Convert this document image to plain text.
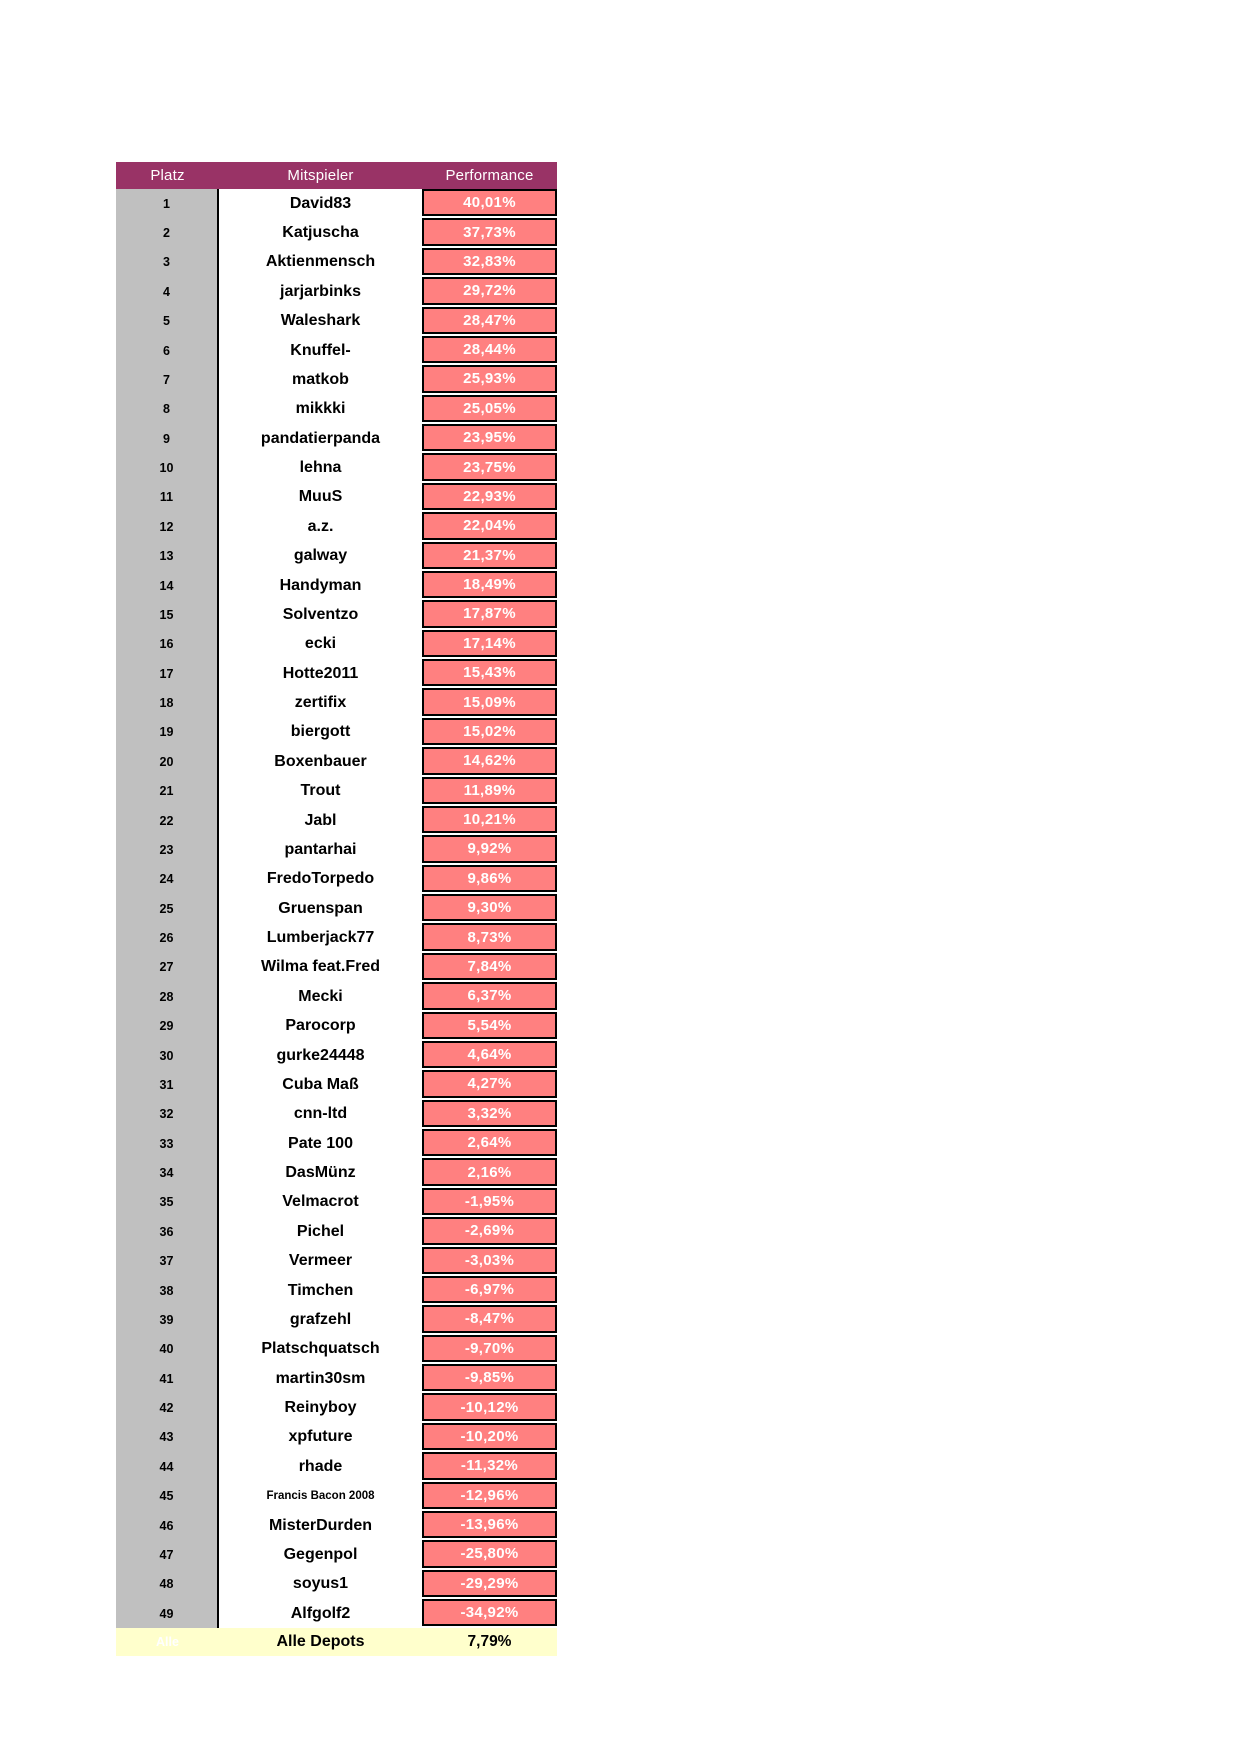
Platz	Mitspieler	Performance
1	David83	40,01%
2	Katjuscha	37,73%
3	Aktienmensch	32,83%
4	jarjarbinks	29,72%
5	Waleshark	28,47%
6	Knuffel-	28,44%
7	matkob	25,93%
8	mikkki	25,05%
9	pandatierpanda	23,95%
10	lehna	23,75%
11	MuuS	22,93%
12	a.z.	22,04%
13	galway	21,37%
14	Handyman	18,49%
15	Solventzo	17,87%
16	ecki	17,14%
17	Hotte2011	15,43%
18	zertifix	15,09%
19	biergott	15,02%
20	Boxenbauer	14,62%
21	Trout	11,89%
22	Jabl	10,21%
23	pantarhai	9,92%
24	FredoTorpedo	9,86%
25	Gruenspan	9,30%
26	Lumberjack77	8,73%
27	Wilma feat.Fred	7,84%
28	Mecki	6,37%
29	Parocorp	5,54%
30	gurke24448	4,64%
31	Cuba Maß	4,27%
32	cnn-ltd	3,32%
33	Pate 100	2,64%
34	DasMünz	2,16%
35	Velmacrot	-1,95%
36	Pichel	-2,69%
37	Vermeer	-3,03%
38	Timchen	-6,97%
39	grafzehl	-8,47%
40	Platschquatsch	-9,70%
41	martin30sm	-9,85%
42	Reinyboy	-10,12%
43	xpfuture	-10,20%
44	rhade	-11,32%
45	Francis Bacon 2008	-12,96%
46	MisterDurden	-13,96%
47	Gegenpol	-25,80%
48	soyus1	-29,29%
49	Alfgolf2	-34,92%
Alle	Alle Depots	7,79%
